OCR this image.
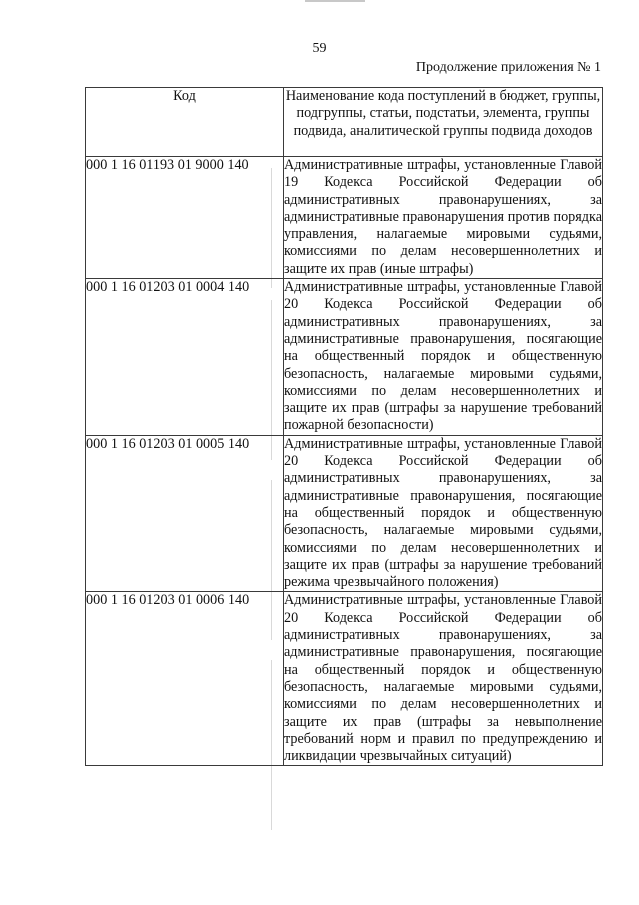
59
Продолжение приложения № 1
Код	Наименование кода поступлений в бюджет, группы, подгруппы, статьи, подстатьи, элемента, группы подвида, аналитической группы подвида доходов
000 1 16 01193 01 9000 140	Административные штрафы, установленные Главой 19 Кодекса Российской Федерации об административных правонарушениях, за административные правонарушения против порядка управления, налагаемые мировыми судьями, комиссиями по делам несовершеннолетних и защите их прав (иные штрафы)
000 1 16 01203 01 0004 140	Административные штрафы, установленные Главой 20 Кодекса Российской Федерации об административных правонарушениях, за административные правонарушения, посягающие на общественный порядок и общественную безопасность, налагаемые мировыми судьями, комиссиями по делам несовершеннолетних и защите их прав (штрафы за нарушение требований пожарной безопасности)
000 1 16 01203 01 0005 140	Административные штрафы, установленные Главой 20 Кодекса Российской Федерации об административных правонарушениях, за административные правонарушения, посягающие на общественный порядок и общественную безопасность, налагаемые мировыми судьями, комиссиями по делам несовершеннолетних и защите их прав (штрафы за нарушение требований режима чрезвычайного положения)
000 1 16 01203 01 0006 140	Административные штрафы, установленные Главой 20 Кодекса Российской Федерации об административных правонарушениях, за административные правонарушения, посягающие на общественный порядок и общественную безопасность, налагаемые мировыми судьями, комиссиями по делам несовершеннолетних и защите их прав (штрафы за невыполнение требований норм и правил по предупреждению и ликвидации чрезвычайных ситуаций)
